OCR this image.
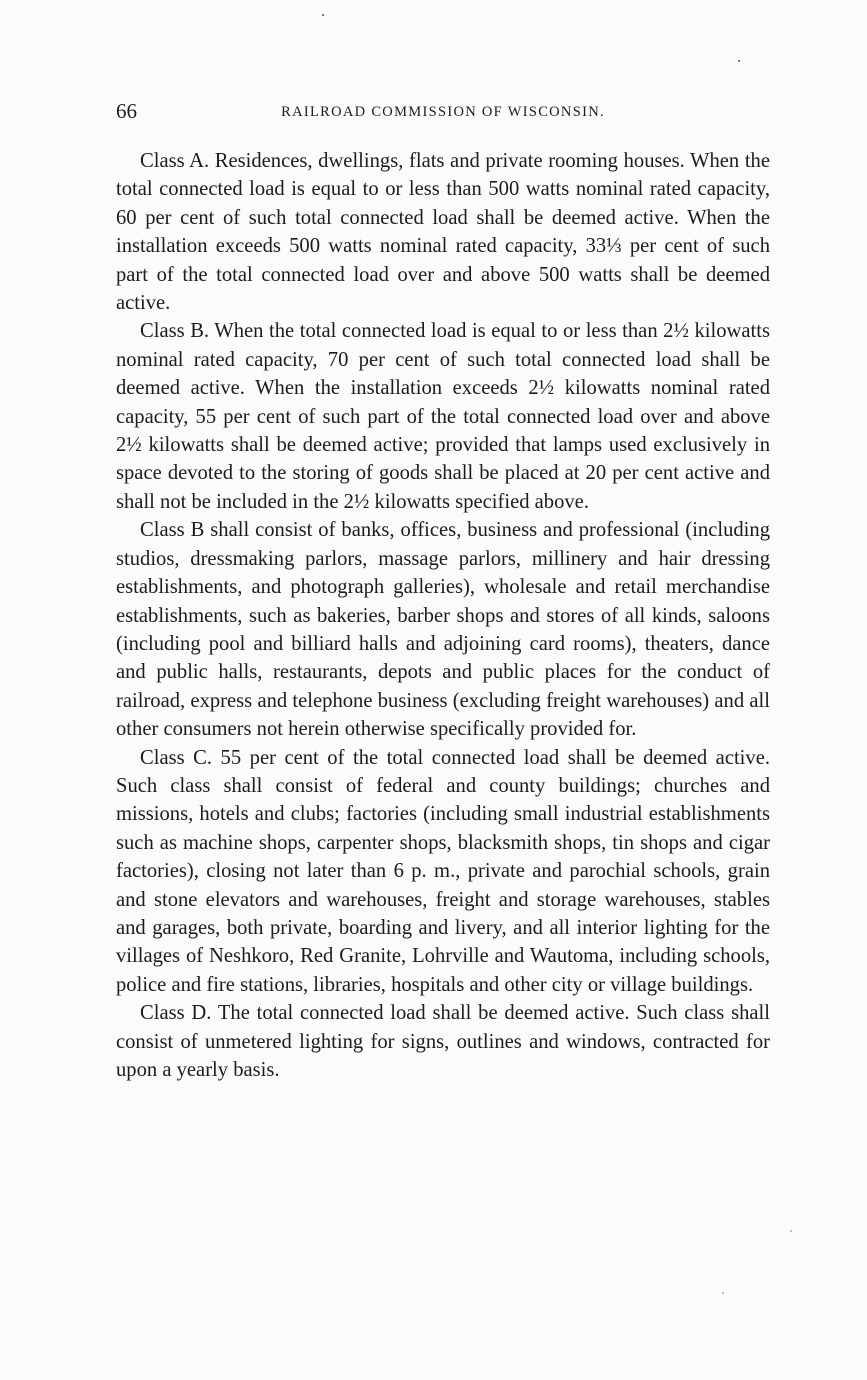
66	RAILROAD COMMISSION OF WISCONSIN.

Class A. Residences, dwellings, flats and private rooming houses. When the total connected load is equal to or less than 500 watts nominal rated capacity, 60 per cent of such total connected load shall be deemed active. When the installation exceeds 500 watts nominal rated capacity, 33⅓ per cent of such part of the total connected load over and above 500 watts shall be deemed active.

Class B. When the total connected load is equal to or less than 2½ kilowatts nominal rated capacity, 70 per cent of such total connected load shall be deemed active. When the installation exceeds 2½ kilowatts nominal rated capacity, 55 per cent of such part of the total connected load over and above 2½ kilowatts shall be deemed active; provided that lamps used exclusively in space devoted to the storing of goods shall be placed at 20 per cent active and shall not be included in the 2½ kilowatts specified above.

Class B shall consist of banks, offices, business and professional (including studios, dressmaking parlors, massage parlors, millinery and hair dressing establishments, and photograph galleries), wholesale and retail merchandise establishments, such as bakeries, barber shops and stores of all kinds, saloons (including pool and billiard halls and adjoining card rooms), theaters, dance and public halls, restaurants, depots and public places for the conduct of railroad, express and telephone business (excluding freight warehouses) and all other consumers not herein otherwise specifically provided for.

Class C. 55 per cent of the total connected load shall be deemed active. Such class shall consist of federal and county buildings; churches and missions, hotels and clubs; factories (including small industrial establishments such as machine shops, carpenter shops, blacksmith shops, tin shops and cigar factories), closing not later than 6 p. m., private and parochial schools, grain and stone elevators and warehouses, freight and storage warehouses, stables and garages, both private, boarding and livery, and all interior lighting for the villages of Neshkoro, Red Granite, Lohrville and Wautoma, including schools, police and fire stations, libraries, hospitals and other city or village buildings.

Class D. The total connected load shall be deemed active. Such class shall consist of unmetered lighting for signs, outlines and windows, contracted for upon a yearly basis.
